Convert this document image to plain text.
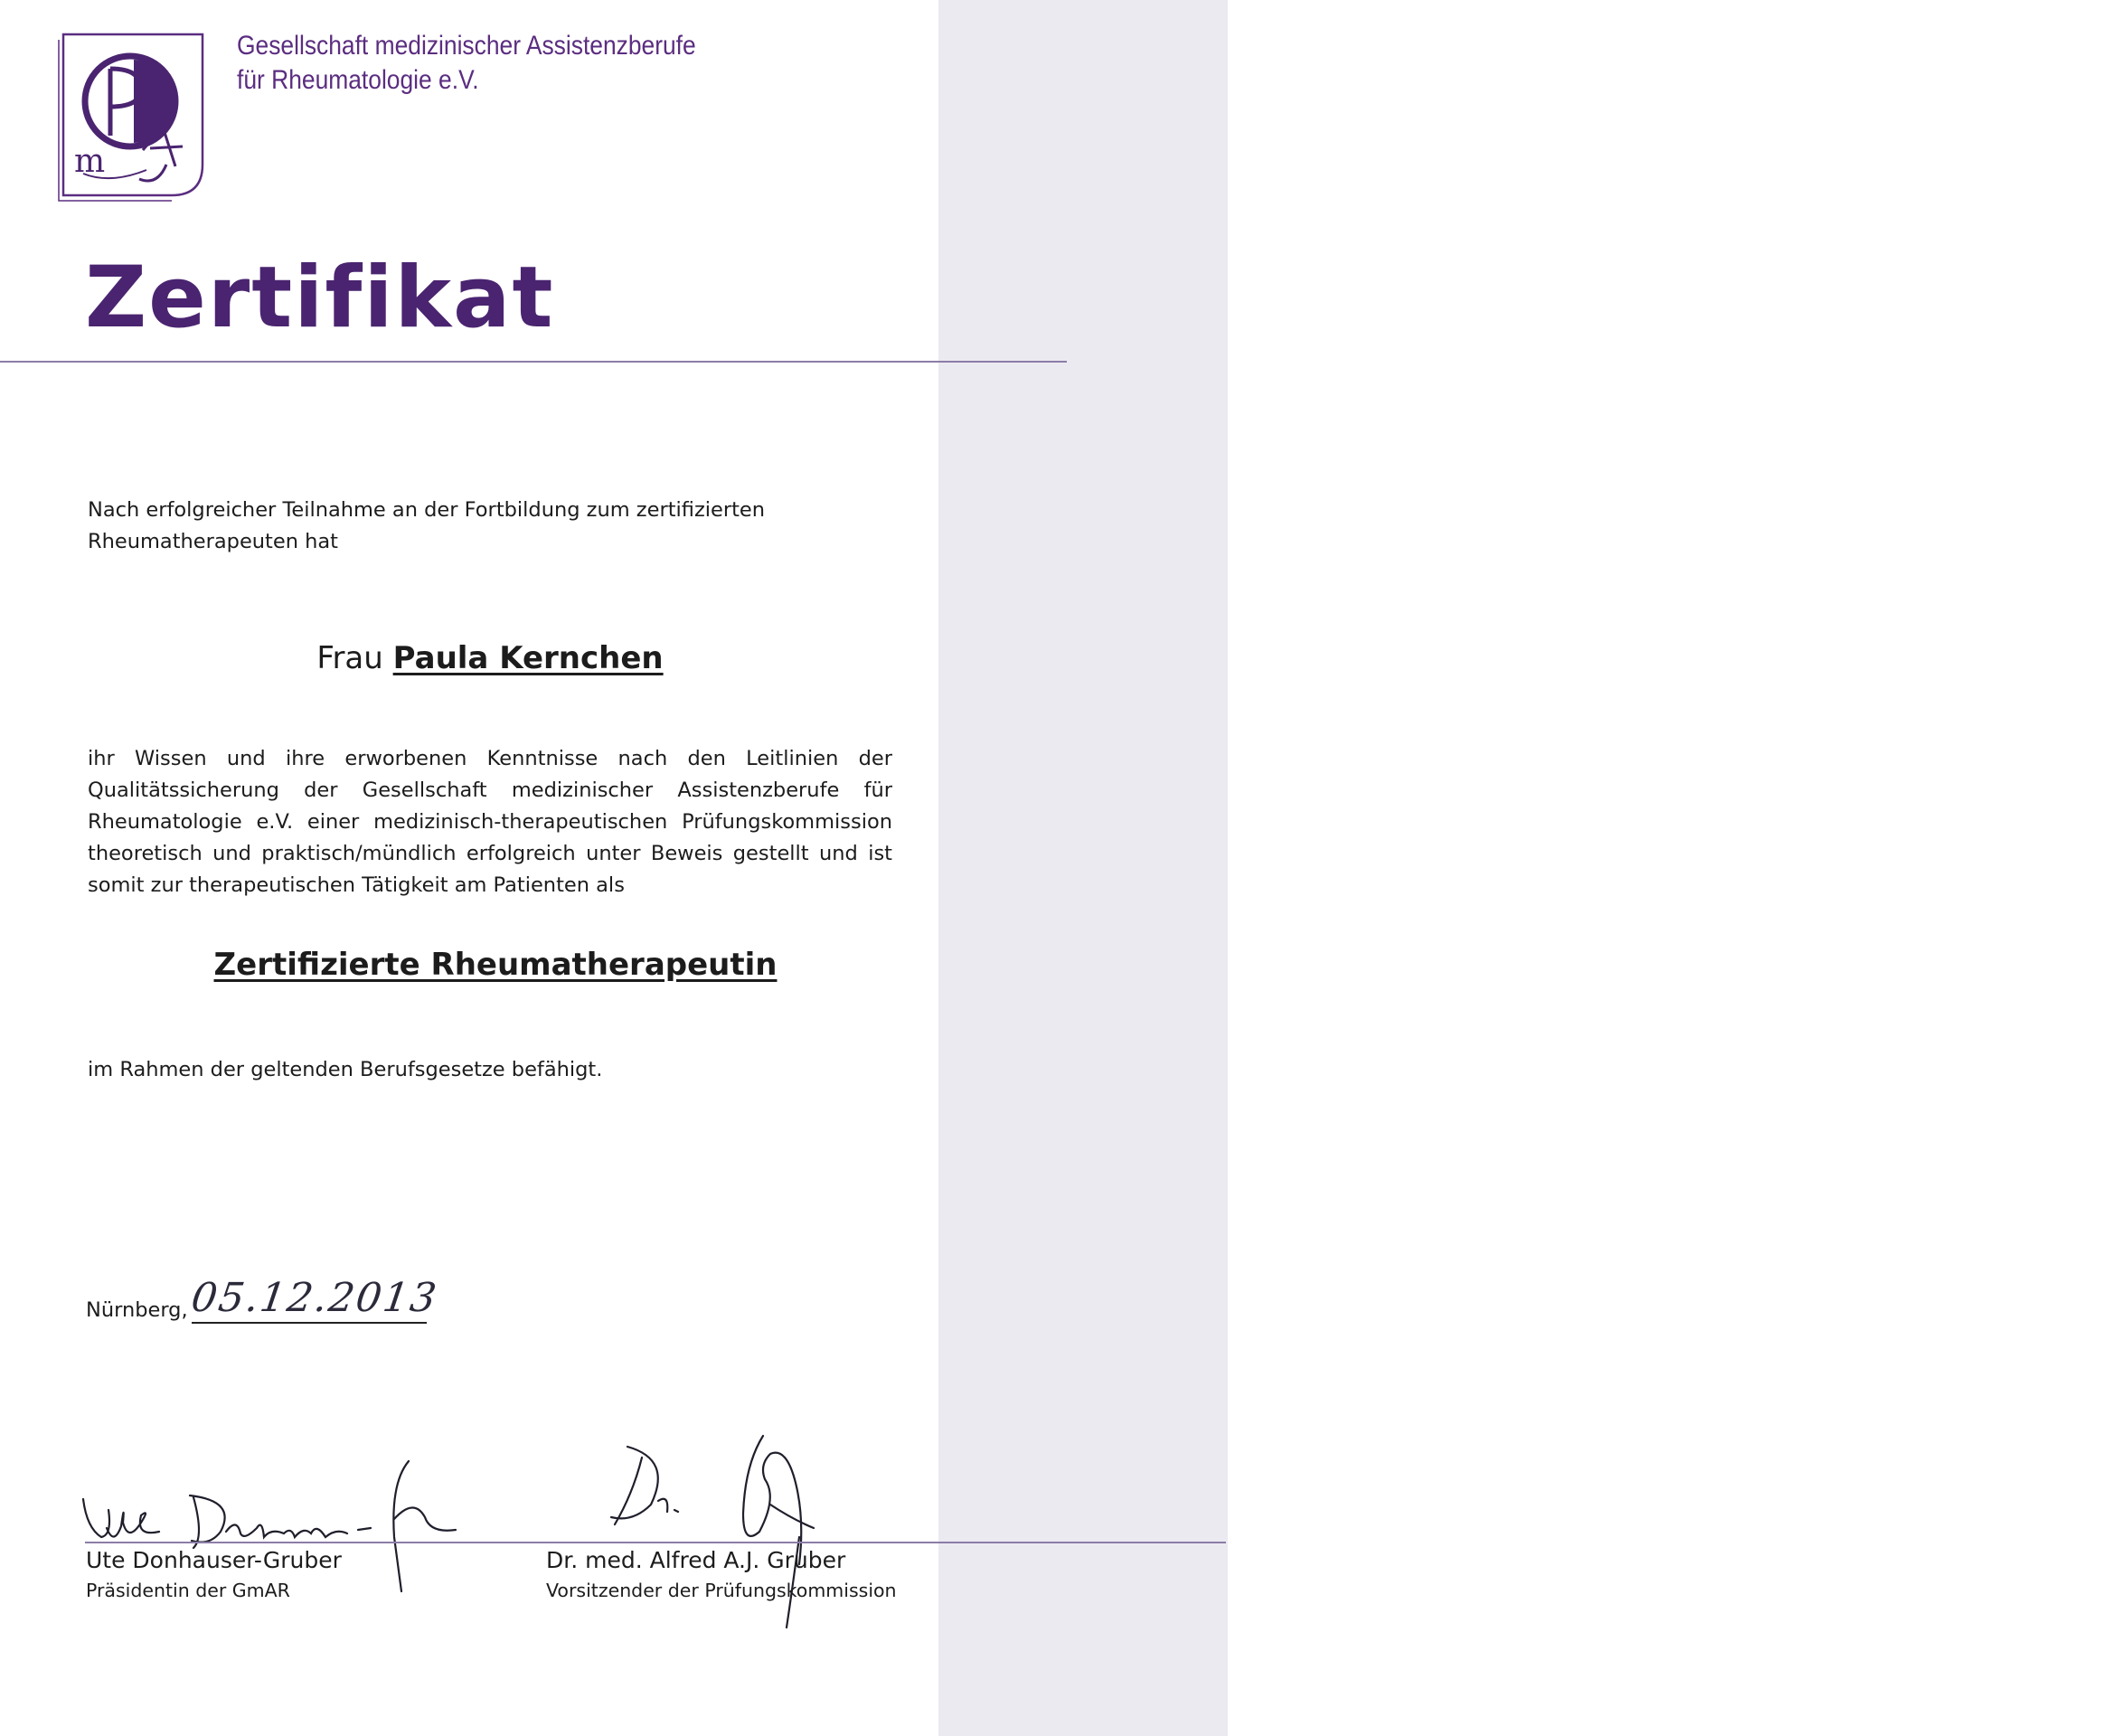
ZERTIFIKAT
m
Gesellschaft medizinischer Assistenzberufe
für Rheumatologie e.V.
Zertifikat
Nach erfolgreicher Teilnahme an der Fortbildung zum zertifizierten
Rheumatherapeuten hat
Frau Paula Kernchen
ihr Wissen und ihre erworbenen Kenntnisse nach den Leitlinien der Qualitätssicherung der Gesellschaft medizinischer Assistenzberufe für Rheumatologie e.V. einer medizinisch-therapeutischen Prüfungskommission theoretisch und praktisch/mündlich erfolgreich unter Beweis gestellt und ist somit zur therapeutischen Tätigkeit am Patienten als
Zertifizierte Rheumatherapeutin
im Rahmen der geltenden Berufsgesetze befähigt.
Nürnberg, 05.12.2013
Ute Donhauser-Gruber
Präsidentin der GmAR
Dr. med. Alfred A.J. Gruber
Vorsitzender der Prüfungskommission
